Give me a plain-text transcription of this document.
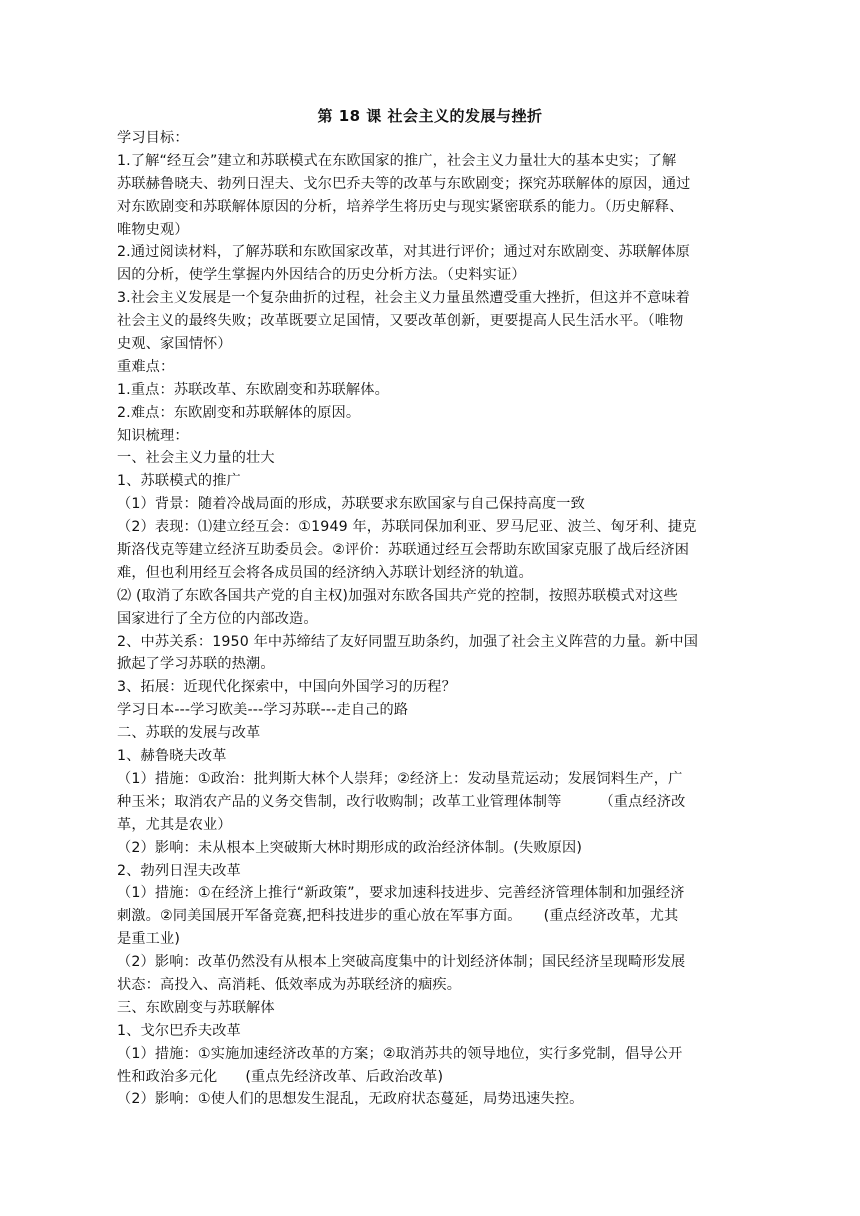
第 18 课 社会主义的发展与挫折
学习目标：
1.了解“经互会”建立和苏联模式在东欧国家的推广，社会主义力量壮大的基本史实；了解
苏联赫鲁晓夫、勃列日涅夫、戈尔巴乔夫等的改革与东欧剧变；探究苏联解体的原因，通过
对东欧剧变和苏联解体原因的分析，培养学生将历史与现实紧密联系的能力。（历史解释、
唯物史观）
2.通过阅读材料，了解苏联和东欧国家改革，对其进行评价；通过对东欧剧变、苏联解体原
因的分析，使学生掌握内外因结合的历史分析方法。（史料实证）
3.社会主义发展是一个复杂曲折的过程，社会主义力量虽然遭受重大挫折，但这并不意味着
社会主义的最终失败；改革既要立足国情，又要改革创新，更要提高人民生活水平。（唯物
史观、家国情怀）
重难点：
1.重点：苏联改革、东欧剧变和苏联解体。
2.难点：东欧剧变和苏联解体的原因。
知识梳理：
一、社会主义力量的壮大
1、苏联模式的推广
（1）背景：随着冷战局面的形成，苏联要求东欧国家与自己保持高度一致
（2）表现：⑴建立经互会：①1949 年，苏联同保加利亚、罗马尼亚、波兰、匈牙利、捷克
斯洛伐克等建立经济互助委员会。②评价：苏联通过经互会帮助东欧国家克服了战后经济困
难，但也利用经互会将各成员国的经济纳入苏联计划经济的轨道。
⑵ (取消了东欧各国共产党的自主权)加强对东欧各国共产党的控制，按照苏联模式对这些
国家进行了全方位的内部改造。
2、中苏关系：1950 年中苏缔结了友好同盟互助条约，加强了社会主义阵营的力量。新中国
掀起了学习苏联的热潮。
3、拓展：近现代化探索中，中国向外国学习的历程？
学习日本---学习欧美---学习苏联---走自己的路
二、苏联的发展与改革
1、赫鲁晓夫改革
（1）措施：①政治：批判斯大林个人崇拜；②经济上：发动垦荒运动；发展饲料生产，广
种玉米；取消农产品的义务交售制，改行收购制；改革工业管理体制等	（重点经济改
革，尤其是农业）
（2）影响：未从根本上突破斯大林时期形成的政治经济体制。(失败原因)
2、勃列日涅夫改革
（1）措施：①在经济上推行“新政策”，要求加速科技进步、完善经济管理体制和加强经济
刺激。②同美国展开军备竞赛,把科技进步的重心放在军事方面。 (重点经济改革，尤其
是重工业)
（2）影响：改革仍然没有从根本上突破高度集中的计划经济体制；国民经济呈现畸形发展
状态：高投入、高消耗、低效率成为苏联经济的痼疾。
三、东欧剧变与苏联解体
1、戈尔巴乔夫改革
（1）措施：①实施加速经济改革的方案；②取消苏共的领导地位，实行多党制，倡导公开
性和政治多元化 (重点先经济改革、后政治改革)
（2）影响：①使人们的思想发生混乱，无政府状态蔓延，局势迅速失控。
